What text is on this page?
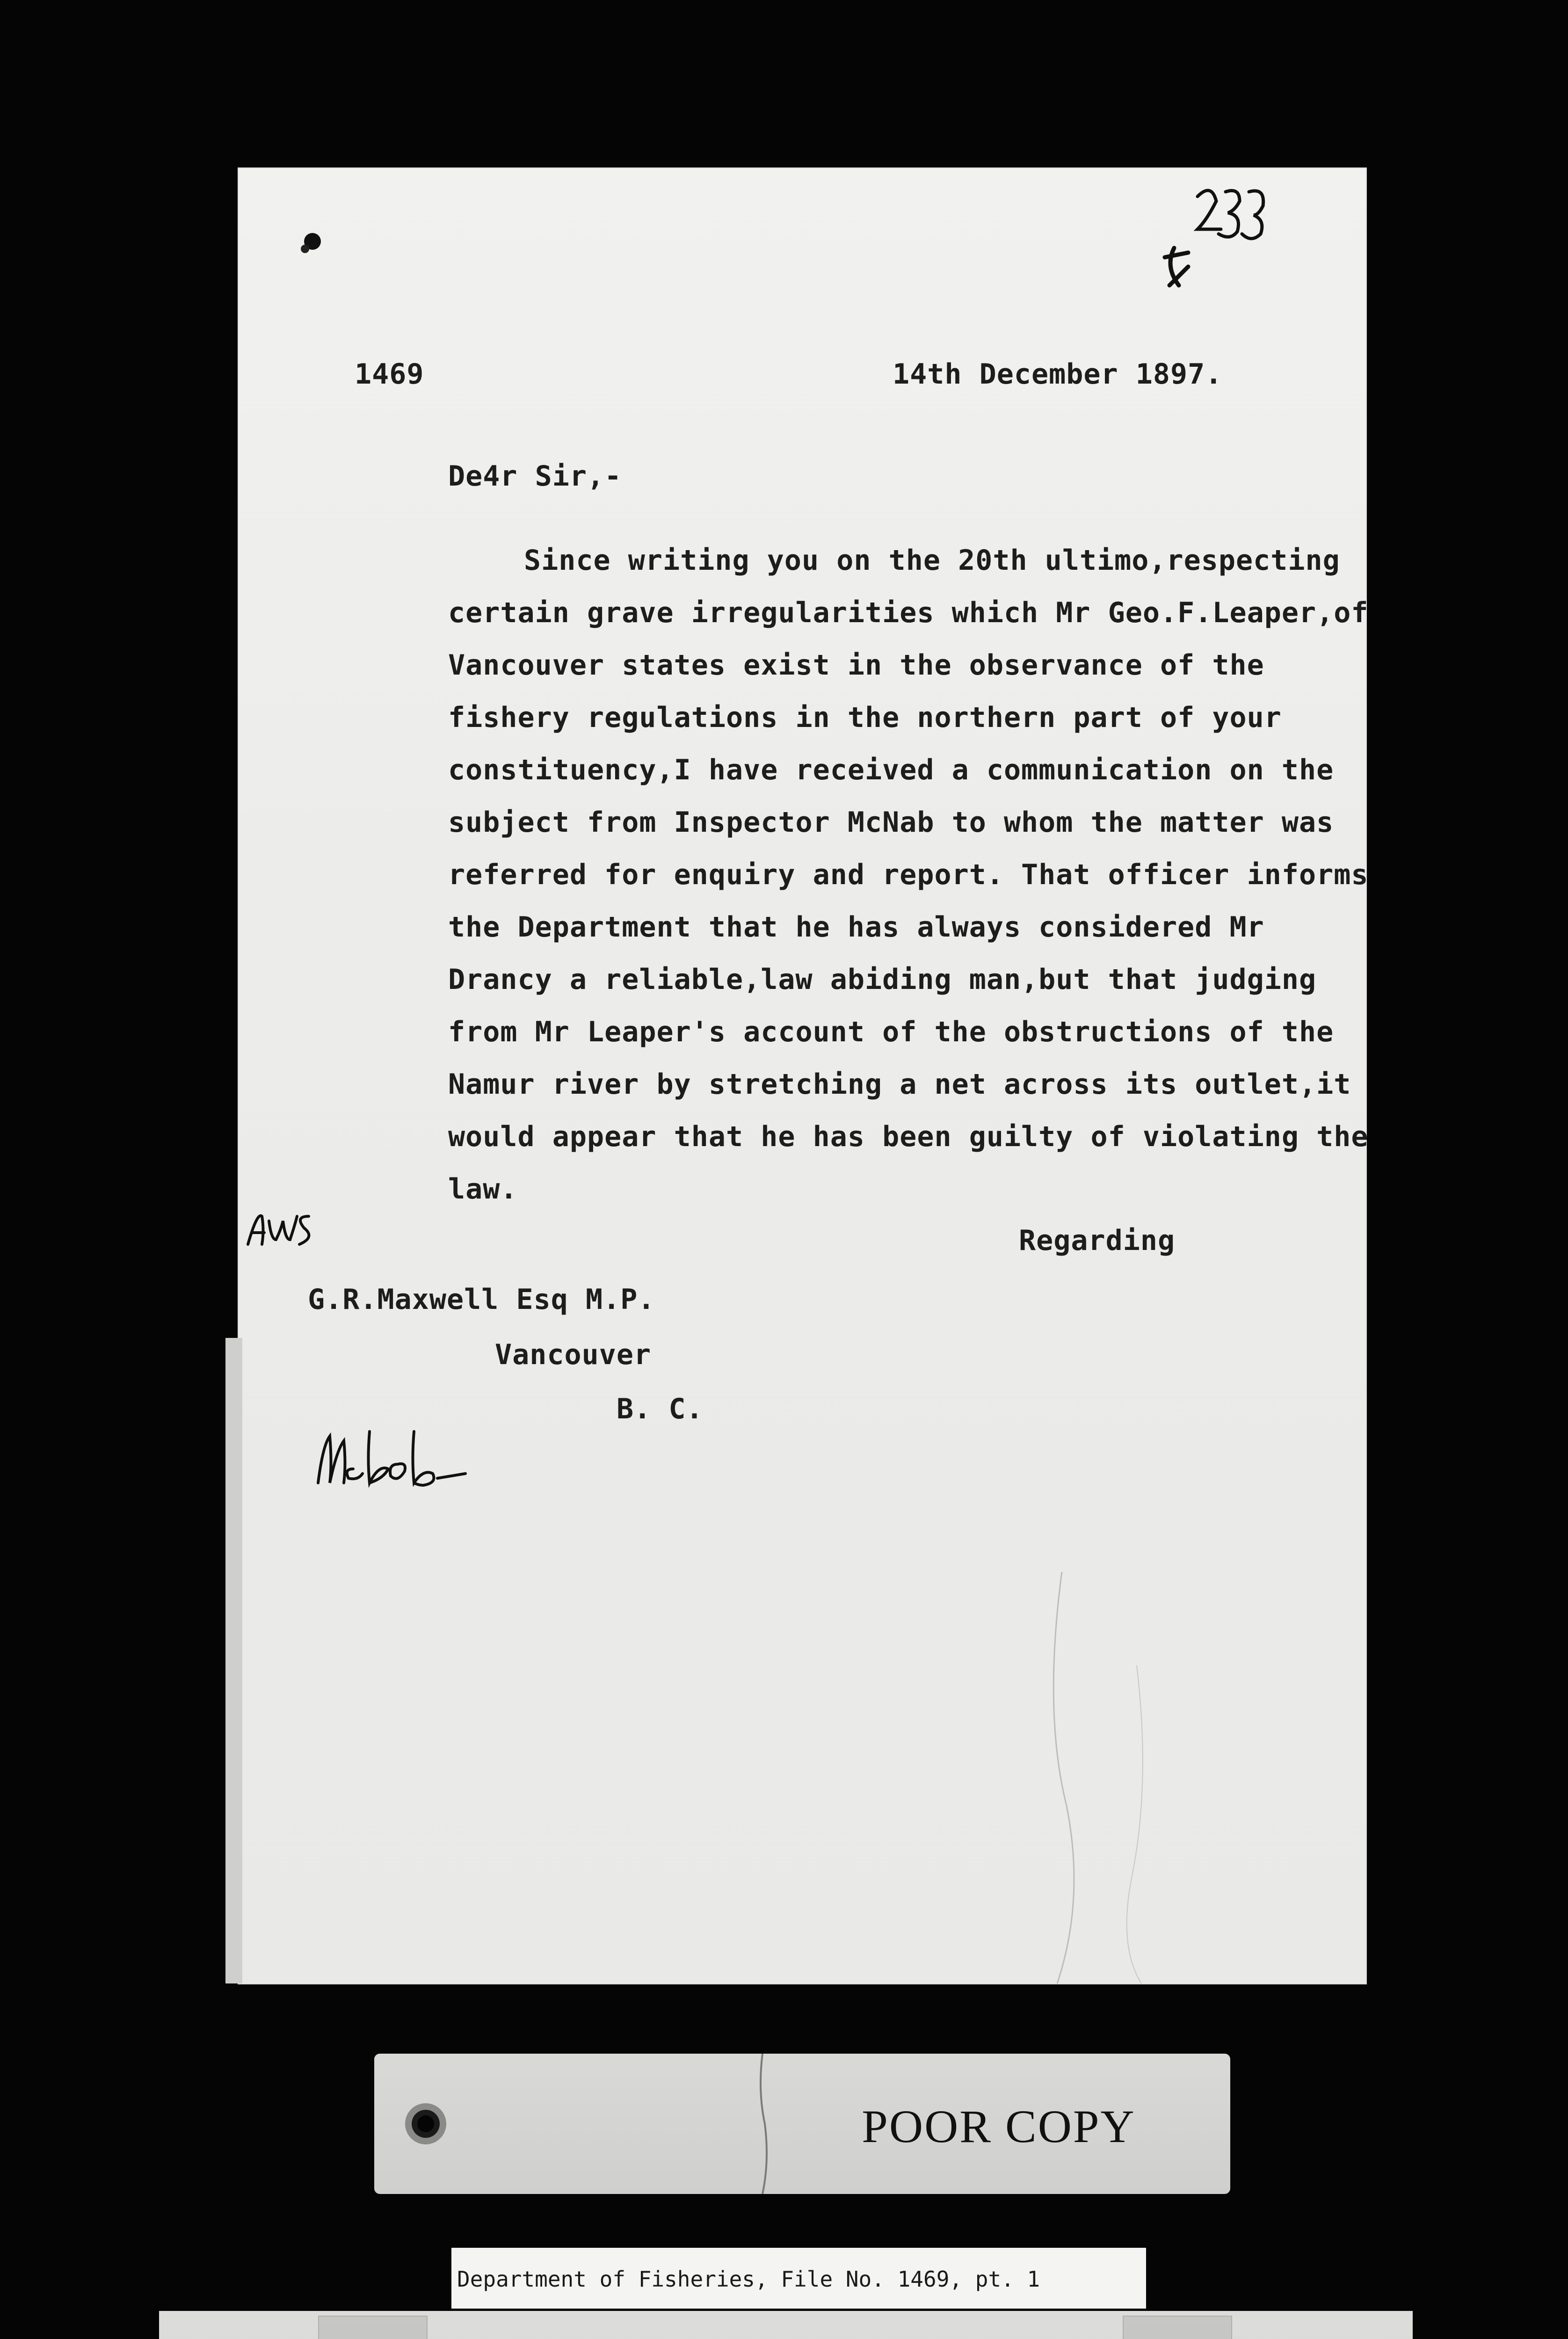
1469	14th December 1897.
De4r Sir,-
Since writing you on the 20th ultimo,respecting
certain grave irregularities which Mr Geo.F.Leaper,of
Vancouver states exist in the observance of the
fishery regulations in the northern part of your
constituency,I have received a communication on the
subject from Inspector McNab to whom the matter was
referred for enquiry and report. That officer informs
the Department that he has always considered Mr
Drancy a reliable,law abiding man,but that judging
from Mr Leaper's account of the obstructions of the
Namur river by stretching a net across its outlet,it
would appear that he has been guilty of violating the
law.
Regarding
G.R.Maxwell Esq M.P.
Vancouver
B. C.
POOR COPY
Department of Fisheries, File No. 1469, pt. 1
